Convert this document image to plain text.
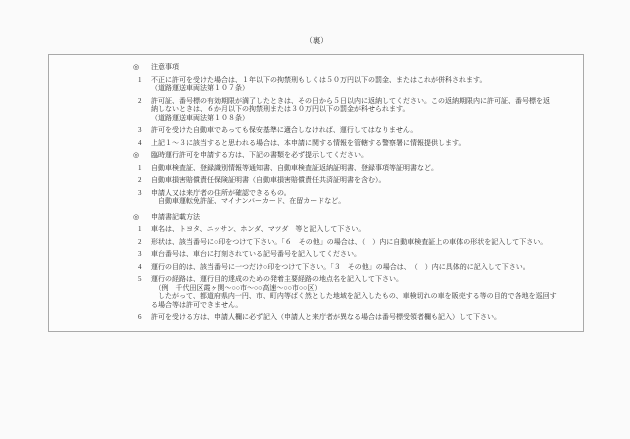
（裏）
◎ 注意事項
1 不正に許可を受けた場合は、１年以下の拘禁刑もしくは５０万円以下の罰金、またはこれが併科されます。
（道路運送車両法第１０７条）
2 許可証、番号標の有効期限が満了したときは、その日から５日以内に返納してください。この返納期限内に許可証、番号標を返
納しないときは、６か月以下の拘禁刑または３０万円以下の罰金が科せられます。
（道路運送車両法第１０８条）
3 許可を受けた自動車であっても保安基準に適合しなければ、運行してはなりません。
4 上記１～３に該当すると思われる場合は、本申請に関する情報を管轄する警察署に情報提供します。
◎ 臨時運行許可を申請する方は、下記の書類を必ず提示してください。
1 自動車検査証、登録識別情報等通知書、自動車検査証返納証明書、登録事項等証明書など。
2 自動車損害賠償責任保険証明書（自動車損害賠償責任共済証明書を含む）。
3 申請人又は来庁者の住所が確認できるもの。
　自動車運転免許証、マイナンバーカード、在留カードなど。
◎ 申請書記載方法
1 車名は、トヨタ、ニッサン、ホンダ、マツダ　等と記入して下さい。
2 形状は、該当番号に○印をつけて下さい。「６　その他」の場合は、（　）内に自動車検査証上の車体の形状を記入して下さい。
3 車台番号は、車台に打刻されている記号番号を記入してください。
4 運行の目的は、該当番号に一つだけ○印をつけて下さい。「３　その他」の場合は、　（　）内に具体的に記入して下さい。
5 運行の経路は、運行目的達成のための発着主要経路の地点名を記入して下さい。
　（例　千代田区霞ヶ関～○○市～○○高速～○○市○○区）
　したがって、都道府県内一円、市、町内等ばく然とした地域を記入したもの、車検切れの車を販売する等の目的で各地を巡回す
る場合等は許可できません。
6 許可を受ける方は、申請人欄に必ず記入（申請人と来庁者が異なる場合は番号標受領者欄も記入）して下さい。
